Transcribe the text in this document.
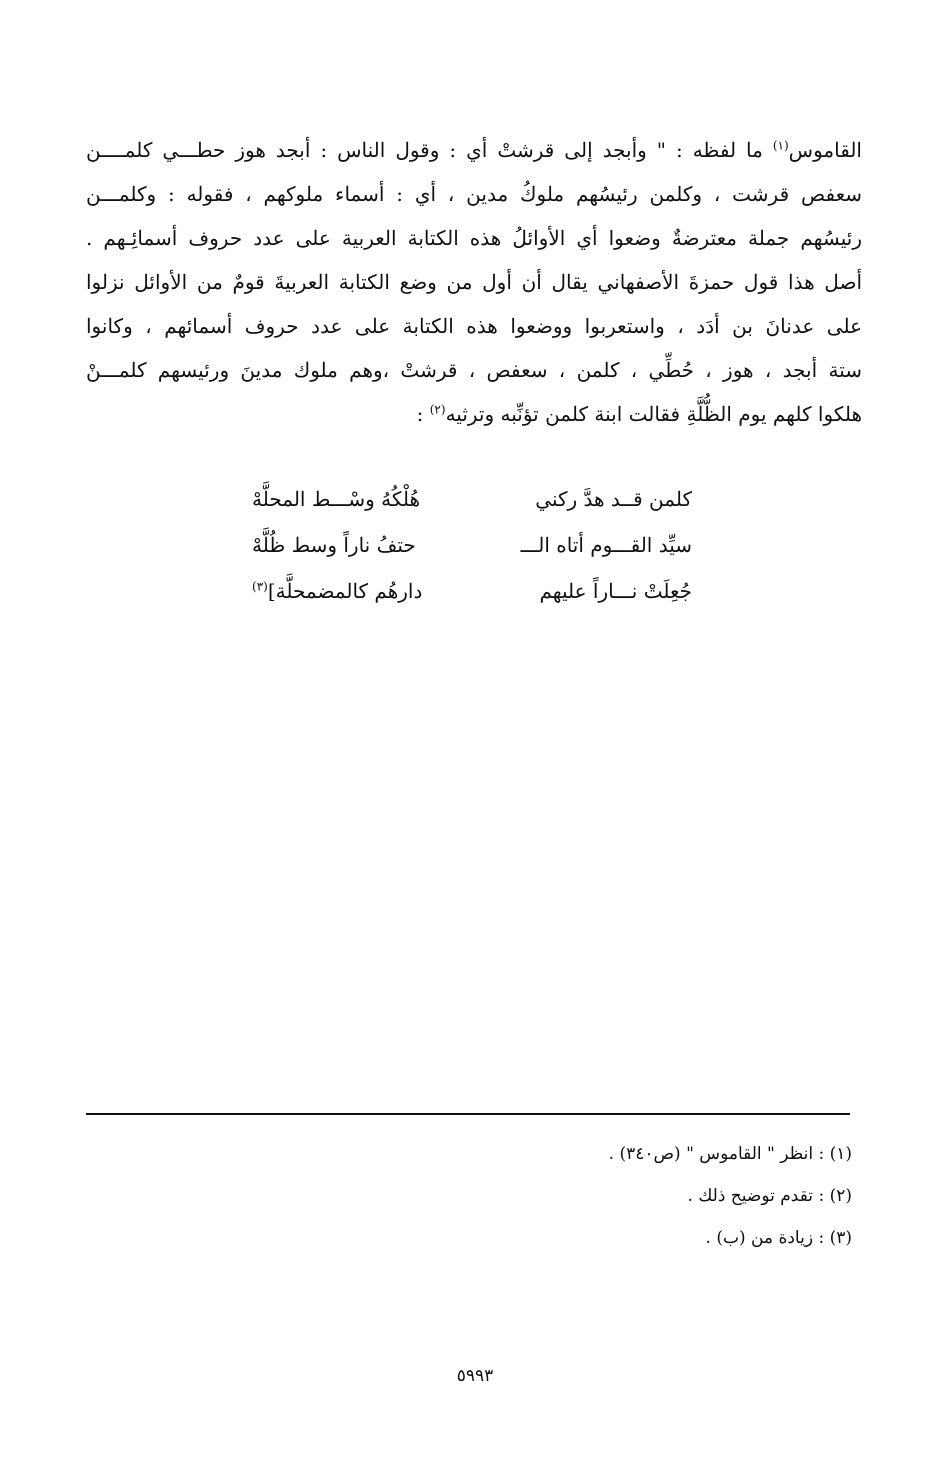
القاموس$^{(١)}$ ما لفظه : " وأبجد إلى قرشتْ أي : وقول الناس : أبجد هوز حطـــي كلمــــن
سعفص قرشت ، وكلمن رئيسُهم ملوكُ مدين ، أي : أسماء ملوكهم ، فقوله : وكلمـــن
رئيسُهم جملة معترضةٌ وضعوا أي الأوائلُ هذه الكتابة العربية على عدد حروف أسمائِـهم .
أصل هذا قول حمزةَ الأصفهاني يقال أن أول من وضع الكتابة العربيةَ قومٌ من الأوائل نزلوا
على عدنانَ بن أدَد ، واستعربوا ووضعوا هذه الكتابة على عدد حروف أسمائهم ، وكانوا
ستة أبجد ، هوز ، حُطِّي ، كلمن ، سعفص ، قرشتْ ،وهم ملوك مدينَ ورئيسهم كلمـــنْ
هلكوا كلهم يوم الظُّلَّةِ فقالت ابنة كلمن تؤنِّبه وترثيه$^{(٢)}$ :
كلمن قــد هدَّ ركني
هُلْكُهُ وسْـــط المحلَّهْ
سيِّد القـــوم أتاه الـــ
حتفُ ناراً وسط ظُلَّهْ
جُعِلَتْ نـــاراً عليهم
دارهُم كالمضمحلَّة]$^{(٣)}$
(١) : انظر " القاموس " (ص٣٤٠) .
(٢) : تقدم توضيح ذلك .
(٣) : زيادة من (ب) .
٥٩٩٣
